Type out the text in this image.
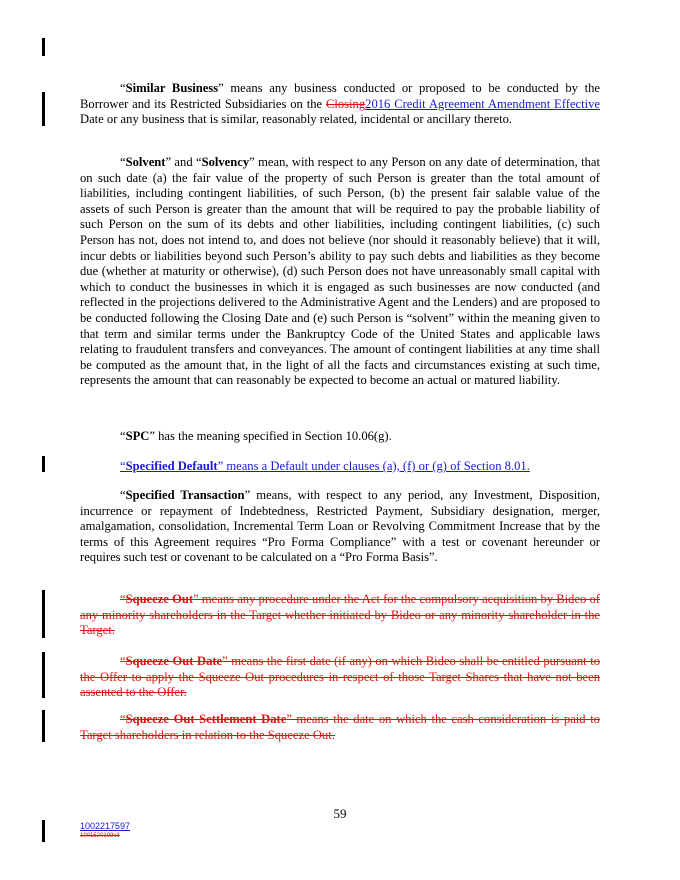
“Similar Business” means any business conducted or proposed to be conducted by the Borrower and its Restricted Subsidiaries on the Closing2016 Credit Agreement Amendment Effective Date or any business that is similar, reasonably related, incidental or ancillary thereto.
“Solvent” and “Solvency” mean, with respect to any Person on any date of determination, that on such date (a) the fair value of the property of such Person is greater than the total amount of liabilities, including contingent liabilities, of such Person, (b) the present fair salable value of the assets of such Person is greater than the amount that will be required to pay the probable liability of such Person on the sum of its debts and other liabilities, including contingent liabilities, (c) such Person has not, does not intend to, and does not believe (nor should it reasonably believe) that it will, incur debts or liabilities beyond such Person’s ability to pay such debts and liabilities as they become due (whether at maturity or otherwise), (d) such Person does not have unreasonably small capital with which to conduct the businesses in which it is engaged as such businesses are now conducted (and reflected in the projections delivered to the Administrative Agent and the Lenders) and are proposed to be conducted following the Closing Date and (e) such Person is “solvent” within the meaning given to that term and similar terms under the Bankruptcy Code of the United States and applicable laws relating to fraudulent transfers and conveyances. The amount of contingent liabilities at any time shall be computed as the amount that, in the light of all the facts and circumstances existing at such time, represents the amount that can reasonably be expected to become an actual or matured liability.
“SPC” has the meaning specified in Section 10.06(g).
“Specified Default” means a Default under clauses (a), (f) or (g) of Section 8.01.
“Specified Transaction” means, with respect to any period, any Investment, Disposition, incurrence or repayment of Indebtedness, Restricted Payment, Subsidiary designation, merger, amalgamation, consolidation, Incremental Term Loan or Revolving Commitment Increase that by the terms of this Agreement requires “Pro Forma Compliance” with a test or covenant hereunder or requires such test or covenant to be calculated on a “Pro Forma Basis”.
“Squeeze Out” means any procedure under the Act for the compulsory acquisition by Bideo of any minority shareholders in the Target whether initiated by Bideo or any minority shareholder in the Target.
“Squeeze Out Date” means the first date (if any) on which Bideo shall be entitled pursuant to the Offer to apply the Squeeze Out procedures in respect of those Target Shares that have not been assented to the Offer.
“Squeeze Out Settlement Date” means the date on which the cash consideration is paid to Target shareholders in relation to the Squeeze Out.
59
1002217597
1001520109v3
